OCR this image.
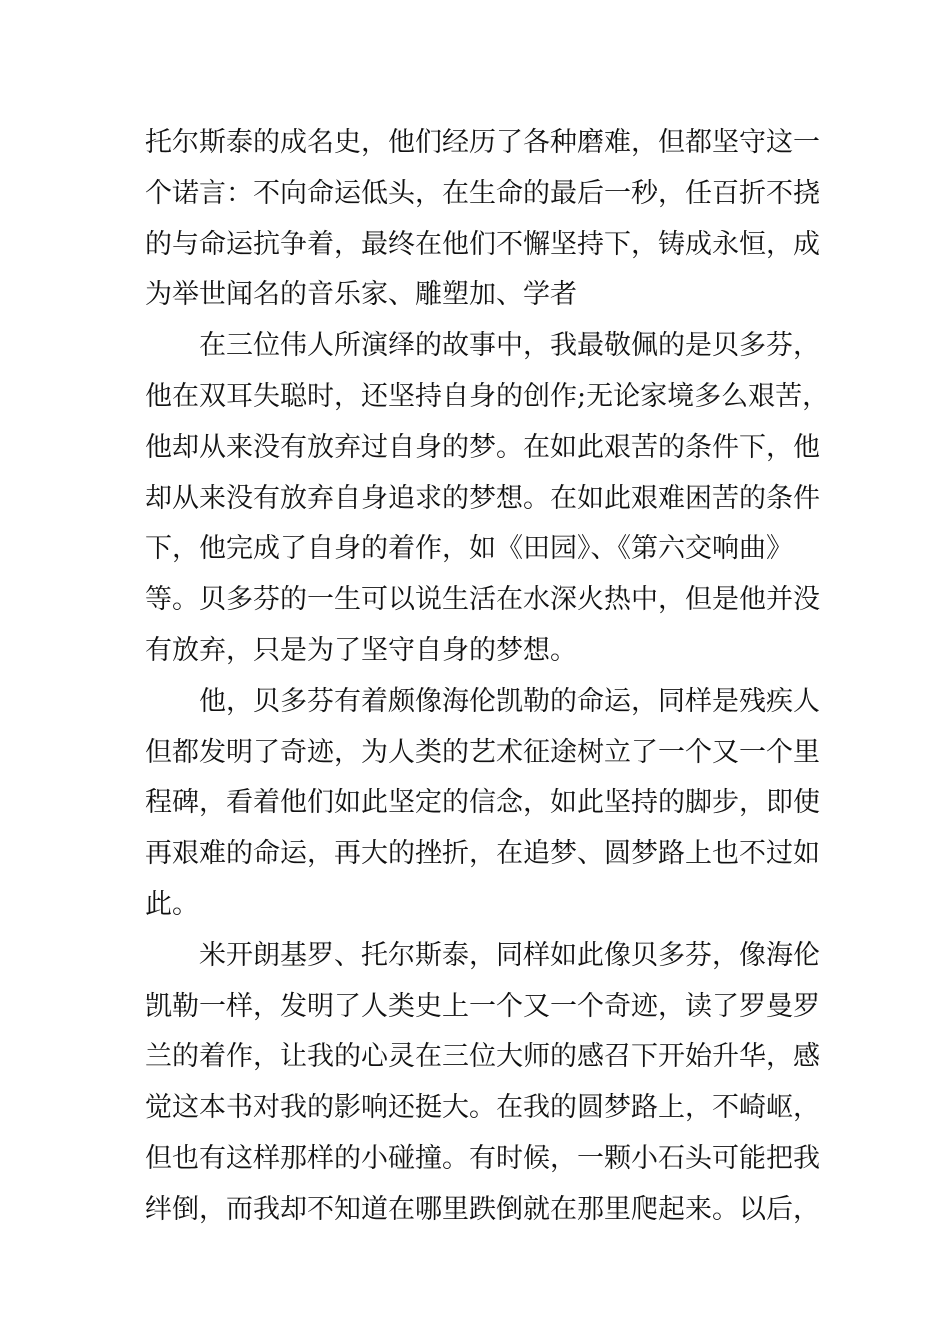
托尔斯泰的成名史，他们经历了各种磨难，但都坚守这一
个诺言：不向命运低头，在生命的最后一秒，任百折不挠
的与命运抗争着，最终在他们不懈坚持下，铸成永恒，成
为举世闻名的音乐家、雕塑加、学者
在三位伟人所演绎的故事中，我最敬佩的是贝多芬，
他在双耳失聪时，还坚持自身的创作;无论家境多么艰苦，
他却从来没有放弃过自身的梦。在如此艰苦的条件下，他
却从来没有放弃自身追求的梦想。在如此艰难困苦的条件
下，他完成了自身的着作，如《田园》、《第六交响曲》
等。贝多芬的一生可以说生活在水深火热中，但是他并没
有放弃，只是为了坚守自身的梦想。
他，贝多芬有着颇像海伦凯勒的命运，同样是残疾人
但都发明了奇迹，为人类的艺术征途树立了一个又一个里
程碑，看着他们如此坚定的信念，如此坚持的脚步，即使
再艰难的命运，再大的挫折，在追梦、圆梦路上也不过如
此。
米开朗基罗、托尔斯泰，同样如此像贝多芬，像海伦
凯勒一样，发明了人类史上一个又一个奇迹，读了罗曼罗
兰的着作，让我的心灵在三位大师的感召下开始升华，感
觉这本书对我的影响还挺大。在我的圆梦路上，不崎岖，
但也有这样那样的小碰撞。有时候，一颗小石头可能把我
绊倒，而我却不知道在哪里跌倒就在那里爬起来。以后，
